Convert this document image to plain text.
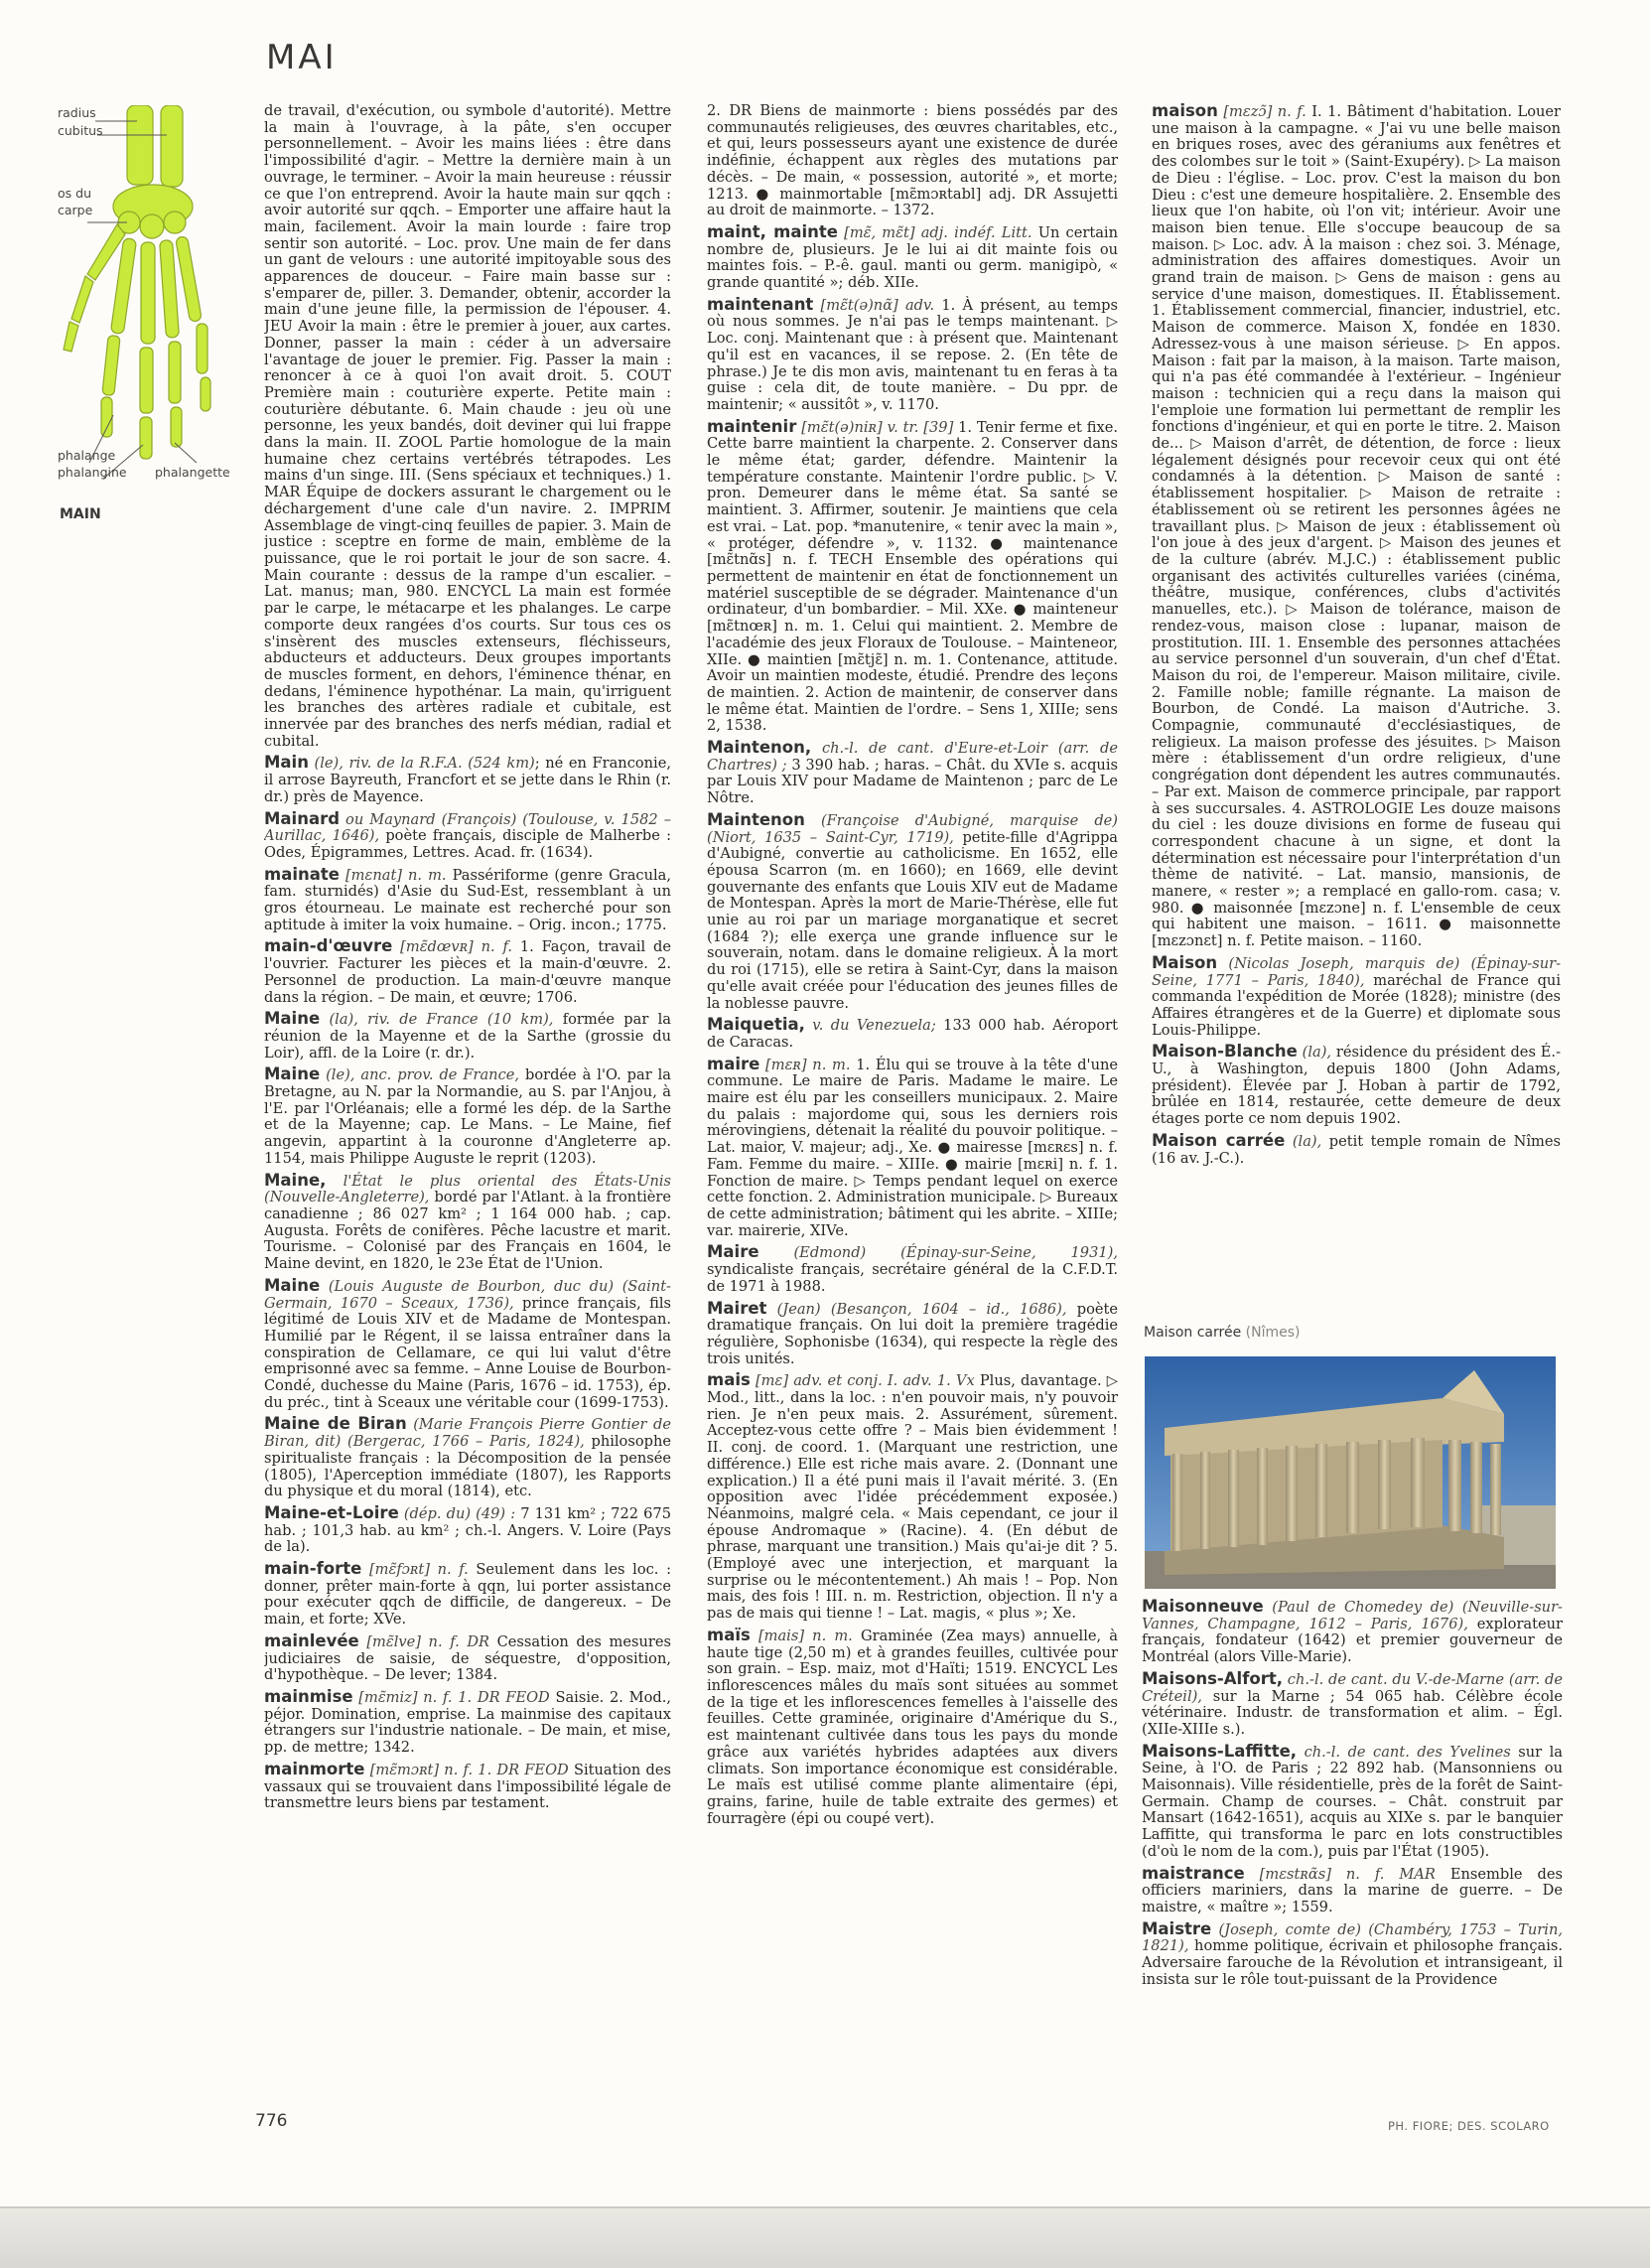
MAI
radius
cubitus
os du carpe
phalange
phalangine phalangette
MAIN

de travail, d'exécution, ou symbole d'autorité). Mettre la main à l'ouvrage, à la pâte, s'en occuper personnellement. – Avoir les mains liées : être dans l'impossibilité d'agir. – Mettre la dernière main à un ouvrage, le terminer. – Avoir la main heureuse : réussir ce que l'on entreprend. Avoir la haute main sur qqch : avoir autorité sur qqch. – Emporter une affaire haut la main, facilement. Avoir la main lourde : faire trop sentir son autorité. – Loc. prov. Une main de fer dans un gant de velours : une autorité impitoyable sous des apparences de douceur. – Faire main basse sur : s'emparer de, piller. 3. Demander, obtenir, accorder la main d'une jeune fille, la permission de l'épouser. 4. JEU Avoir la main : être le premier à jouer, aux cartes. Donner, passer la main : céder à un adversaire l'avantage de jouer le premier. Fig. Passer la main : renoncer à ce à quoi l'on avait droit. 5. COUT Première main : couturière experte. Petite main : couturière débutante. 6. Main chaude : jeu où une personne, les yeux bandés, doit deviner qui lui frappe dans la main. II. ZOOL Partie homologue de la main humaine chez certains vertébrés tétrapodes. Les mains d'un singe. III. (Sens spéciaux et techniques.) 1. MAR Équipe de dockers assurant le chargement ou le déchargement d'une cale d'un navire. 2. IMPRIM Assemblage de vingt-cinq feuilles de papier. 3. Main de justice : sceptre en forme de main, emblème de la puissance, que le roi portait le jour de son sacre. 4. Main courante : dessus de la rampe d'un escalier. – Lat. manus; man, 980. ENCYCL La main est formée par le carpe, le métacarpe et les phalanges. Le carpe comporte deux rangées d'os courts. Sur tous ces os s'insèrent des muscles extenseurs, fléchisseurs, abducteurs et adducteurs. Deux groupes importants de muscles forment, en dehors, l'éminence thénar, en dedans, l'éminence hypothénar. La main, qu'irriguent les branches des artères radiale et cubitale, est innervée par des branches des nerfs médian, radial et cubital.

Main (le), riv. de la R.F.A. (524 km); né en Franconie, il arrose Bayreuth, Francfort et se jette dans le Rhin (r. dr.) près de Mayence.

Mainard ou Maynard (François) (Toulouse, v. 1582 – Aurillac, 1646), poète français, disciple de Malherbe : Odes, Épigrammes, Lettres. Acad. fr. (1634).

mainate [mɛnat] n. m. Passériforme (genre Gracula, fam. sturnidés) d'Asie du Sud-Est, ressemblant à un gros étourneau. Le mainate est recherché pour son aptitude à imiter la voix humaine. – Orig. incon.; 1775.

main-d'œuvre [mɛ̃dœvʀ] n. f. 1. Façon, travail de l'ouvrier. Facturer les pièces et la main-d'œuvre. 2. Personnel de production. La main-d'œuvre manque dans la région. – De main, et œuvre; 1706.

Maine (la), riv. de France (10 km), formée par la réunion de la Mayenne et de la Sarthe (grossie du Loir), affl. de la Loire (r. dr.).

Maine (le), anc. prov. de France, bordée à l'O. par la Bretagne, au N. par la Normandie, au S. par l'Anjou, à l'E. par l'Orléanais; elle a formé les dép. de la Sarthe et de la Mayenne; cap. Le Mans. – Le Maine, fief angevin, appartint à la couronne d'Angleterre ap. 1154, mais Philippe Auguste le reprit (1203).

Maine, l'État le plus oriental des États-Unis (Nouvelle-Angleterre), bordé par l'Atlant. à la frontière canadienne ; 86 027 km² ; 1 164 000 hab. ; cap. Augusta. Forêts de conifères. Pêche lacustre et marit. Tourisme. – Colonisé par des Français en 1604, le Maine devint, en 1820, le 23e État de l'Union.

Maine (Louis Auguste de Bourbon, duc du) (Saint-Germain, 1670 – Sceaux, 1736), prince français, fils légitimé de Louis XIV et de Madame de Montespan. Humilié par le Régent, il se laissa entraîner dans la conspiration de Cellamare, ce qui lui valut d'être emprisonné avec sa femme. – Anne Louise de Bourbon-Condé, duchesse du Maine (Paris, 1676 – id. 1753), ép. du préc., tint à Sceaux une véritable cour (1699-1753).

Maine de Biran (Marie François Pierre Gontier de Biran, dit) (Bergerac, 1766 – Paris, 1824), philosophe spiritualiste français : la Décomposition de la pensée (1805), l'Aperception immédiate (1807), les Rapports du physique et du moral (1814), etc.

Maine-et-Loire (dép. du) (49) : 7 131 km² ; 722 675 hab. ; 101,3 hab. au km² ; ch.-l. Angers. V. Loire (Pays de la).

main-forte [mɛ̃fɔʀt] n. f. Seulement dans les loc. : donner, prêter main-forte à qqn, lui porter assistance pour exécuter qqch de difficile, de dangereux. – De main, et forte; XVe.

mainlevée [mɛ̃lve] n. f. DR Cessation des mesures judiciaires de saisie, de séquestre, d'opposition, d'hypothèque. – De lever; 1384.

mainmise [mɛ̃miz] n. f. 1. DR FEOD Saisie. 2. Mod., péjor. Domination, emprise. La mainmise des capitaux étrangers sur l'industrie nationale. – De main, et mise, pp. de mettre; 1342.

mainmorte [mɛ̃mɔʀt] n. f. 1. DR FEOD Situation des vassaux qui se trouvaient dans l'impossibilité légale de transmettre leurs biens par testament.

2. DR Biens de mainmorte : biens possédés par des communautés religieuses, des œuvres charitables, etc., et qui, leurs possesseurs ayant une existence de durée indéfinie, échappent aux règles des mutations par décès. – De main, « possession, autorité », et morte; 1213. ● mainmortable [mɛ̃mɔʀtabl] adj. DR Assujetti au droit de mainmorte. – 1372.

maint, mainte [mɛ̃, mɛ̃t] adj. indéf. Litt. Un certain nombre de, plusieurs. Je le lui ai dit mainte fois ou maintes fois. – P.-ê. gaul. manti ou germ. manigipò, « grande quantité »; déb. XIIe.

maintenant [mɛ̃t(ə)nɑ̃] adv. 1. À présent, au temps où nous sommes. Je n'ai pas le temps maintenant. ▷ Loc. conj. Maintenant que : à présent que. Maintenant qu'il est en vacances, il se repose. 2. (En tête de phrase.) Je te dis mon avis, maintenant tu en feras à ta guise : cela dit, de toute manière. – Du ppr. de maintenir; « aussitôt », v. 1170.

maintenir [mɛ̃t(ə)niʀ] v. tr. [39] 1. Tenir ferme et fixe. Cette barre maintient la charpente. 2. Conserver dans le même état; garder, défendre. Maintenir la température constante. Maintenir l'ordre public. ▷ V. pron. Demeurer dans le même état. Sa santé se maintient. 3. Affirmer, soutenir. Je maintiens que cela est vrai. – Lat. pop. *manutenire, « tenir avec la main », « protéger, défendre », v. 1132. ● maintenance [mɛ̃tnɑ̃s] n. f. TECH Ensemble des opérations qui permettent de maintenir en état de fonctionnement un matériel susceptible de se dégrader. Maintenance d'un ordinateur, d'un bombardier. – Mil. XXe. ● mainteneur [mɛ̃tnœʀ] n. m. 1. Celui qui maintient. 2. Membre de l'académie des jeux Floraux de Toulouse. – Mainteneor, XIIe. ● maintien [mɛ̃tjɛ̃] n. m. 1. Contenance, attitude. Avoir un maintien modeste, étudié. Prendre des leçons de maintien. 2. Action de maintenir, de conserver dans le même état. Maintien de l'ordre. – Sens 1, XIIIe; sens 2, 1538.

Maintenon, ch.-l. de cant. d'Eure-et-Loir (arr. de Chartres) ; 3 390 hab. ; haras. – Chât. du XVIe s. acquis par Louis XIV pour Madame de Maintenon ; parc de Le Nôtre.

Maintenon (Françoise d'Aubigné, marquise de) (Niort, 1635 – Saint-Cyr, 1719), petite-fille d'Agrippa d'Aubigné, convertie au catholicisme. En 1652, elle épousa Scarron (m. en 1660); en 1669, elle devint gouvernante des enfants que Louis XIV eut de Madame de Montespan. Après la mort de Marie-Thérèse, elle fut unie au roi par un mariage morganatique et secret (1684 ?); elle exerça une grande influence sur le souverain, notam. dans le domaine religieux. À la mort du roi (1715), elle se retira à Saint-Cyr, dans la maison qu'elle avait créée pour l'éducation des jeunes filles de la noblesse pauvre.

Maiquetia, v. du Venezuela; 133 000 hab. Aéroport de Caracas.

maire [mɛʀ] n. m. 1. Élu qui se trouve à la tête d'une commune. Le maire de Paris. Madame le maire. Le maire est élu par les conseillers municipaux. 2. Maire du palais : majordome qui, sous les derniers rois mérovingiens, détenait la réalité du pouvoir politique. – Lat. maior, V. majeur; adj., Xe. ● mairesse [mɛʀɛs] n. f. Fam. Femme du maire. – XIIIe. ● mairie [mɛʀi] n. f. 1. Fonction de maire. ▷ Temps pendant lequel on exerce cette fonction. 2. Administration municipale. ▷ Bureaux de cette administration; bâtiment qui les abrite. – XIIIe; var. mairerie, XIVe.

Maire (Edmond) (Épinay-sur-Seine, 1931), syndicaliste français, secrétaire général de la C.F.D.T. de 1971 à 1988.

Mairet (Jean) (Besançon, 1604 – id., 1686), poète dramatique français. On lui doit la première tragédie régulière, Sophonisbe (1634), qui respecte la règle des trois unités.

mais [mɛ] adv. et conj. I. adv. 1. Vx Plus, davantage. ▷ Mod., litt., dans la loc. : n'en pouvoir mais, n'y pouvoir rien. Je n'en peux mais. 2. Assurément, sûrement. Acceptez-vous cette offre ? – Mais bien évidemment ! II. conj. de coord. 1. (Marquant une restriction, une différence.) Elle est riche mais avare. 2. (Donnant une explication.) Il a été puni mais il l'avait mérité. 3. (En opposition avec l'idée précédemment exposée.) Néanmoins, malgré cela. « Mais cependant, ce jour il épouse Andromaque » (Racine). 4. (En début de phrase, marquant une transition.) Mais qu'ai-je dit ? 5. (Employé avec une interjection, et marquant la surprise ou le mécontentement.) Ah mais ! – Pop. Non mais, des fois ! III. n. m. Restriction, objection. Il n'y a pas de mais qui tienne ! – Lat. magis, « plus »; Xe.

maïs [mais] n. m. Graminée (Zea mays) annuelle, à haute tige (2,50 m) et à grandes feuilles, cultivée pour son grain. – Esp. maiz, mot d'Haïti; 1519. ENCYCL Les inflorescences mâles du maïs sont situées au sommet de la tige et les inflorescences femelles à l'aisselle des feuilles. Cette graminée, originaire d'Amérique du S., est maintenant cultivée dans tous les pays du monde grâce aux variétés hybrides adaptées aux divers climats. Son importance économique est considérable. Le maïs est utilisé comme plante alimentaire (épi, grains, farine, huile de table extraite des germes) et fourragère (épi ou coupé vert).

maison [mɛzɔ̃] n. f. I. 1. Bâtiment d'habitation. Louer une maison à la campagne. « J'ai vu une belle maison en briques roses, avec des géraniums aux fenêtres et des colombes sur le toit » (Saint-Exupéry). ▷ La maison de Dieu : l'église. – Loc. prov. C'est la maison du bon Dieu : c'est une demeure hospitalière. 2. Ensemble des lieux que l'on habite, où l'on vit; intérieur. Avoir une maison bien tenue. Elle s'occupe beaucoup de sa maison. ▷ Loc. adv. À la maison : chez soi. 3. Ménage, administration des affaires domestiques. Avoir un grand train de maison. ▷ Gens de maison : gens au service d'une maison, domestiques. II. Établissement. 1. Établissement commercial, financier, industriel, etc. Maison de commerce. Maison X, fondée en 1830. Adressez-vous à une maison sérieuse. ▷ En appos. Maison : fait par la maison, à la maison. Tarte maison, qui n'a pas été commandée à l'extérieur. – Ingénieur maison : technicien qui a reçu dans la maison qui l'emploie une formation lui permettant de remplir les fonctions d'ingénieur, et qui en porte le titre. 2. Maison de... ▷ Maison d'arrêt, de détention, de force : lieux légalement désignés pour recevoir ceux qui ont été condamnés à la détention. ▷ Maison de santé : établissement hospitalier. ▷ Maison de retraite : établissement où se retirent les personnes âgées ne travaillant plus. ▷ Maison de jeux : établissement où l'on joue à des jeux d'argent. ▷ Maison des jeunes et de la culture (abrév. M.J.C.) : établissement public organisant des activités culturelles variées (cinéma, théâtre, musique, conférences, clubs d'activités manuelles, etc.). ▷ Maison de tolérance, maison de rendez-vous, maison close : lupanar, maison de prostitution. III. 1. Ensemble des personnes attachées au service personnel d'un souverain, d'un chef d'État. Maison du roi, de l'empereur. Maison militaire, civile. 2. Famille noble; famille régnante. La maison de Bourbon, de Condé. La maison d'Autriche. 3. Compagnie, communauté d'ecclésiastiques, de religieux. La maison professe des jésuites. ▷ Maison mère : établissement d'un ordre religieux, d'une congrégation dont dépendent les autres communautés. – Par ext. Maison de commerce principale, par rapport à ses succursales. 4. ASTROLOGIE Les douze maisons du ciel : les douze divisions en forme de fuseau qui correspondent chacune à un signe, et dont la détermination est nécessaire pour l'interprétation d'un thème de nativité. – Lat. mansio, mansionis, de manere, « rester »; a remplacé en gallo-rom. casa; v. 980. ● maisonnée [mɛzɔne] n. f. L'ensemble de ceux qui habitent une maison. – 1611. ● maisonnette [mɛzɔnɛt] n. f. Petite maison. – 1160.

Maison (Nicolas Joseph, marquis de) (Épinay-sur-Seine, 1771 – Paris, 1840), maréchal de France qui commanda l'expédition de Morée (1828); ministre (des Affaires étrangères et de la Guerre) et diplomate sous Louis-Philippe.

Maison-Blanche (la), résidence du président des É.-U., à Washington, depuis 1800 (John Adams, président). Élevée par J. Hoban à partir de 1792, brûlée en 1814, restaurée, cette demeure de deux étages porte ce nom depuis 1902.

Maison carrée (la), petit temple romain de Nîmes (16 av. J.-C.).

Maisonneuve (Paul de Chomedey de) (Neuville-sur-Vannes, Champagne, 1612 – Paris, 1676), explorateur français, fondateur (1642) et premier gouverneur de Montréal (alors Ville-Marie).

Maisons-Alfort, ch.-l. de cant. du V.-de-Marne (arr. de Créteil), sur la Marne ; 54 065 hab. Célèbre école vétérinaire. Industr. de transformation et alim. – Égl. (XIIe-XIIIe s.).

Maisons-Laffitte, ch.-l. de cant. des Yvelines sur la Seine, à l'O. de Paris ; 22 892 hab. (Mansonniens ou Maisonnais). Ville résidentielle, près de la forêt de Saint-Germain. Champ de courses. – Chât. construit par Mansart (1642-1651), acquis au XIXe s. par le banquier Laffitte, qui transforma le parc en lots constructibles (d'où le nom de la com.), puis par l'État (1905).

maistrance [mɛstʀɑ̃s] n. f. MAR Ensemble des officiers mariniers, dans la marine de guerre. – De maistre, « maître »; 1559.

Maistre (Joseph, comte de) (Chambéry, 1753 – Turin, 1821), homme politique, écrivain et philosophe français. Adversaire farouche de la Révolution et intransigeant, il insista sur le rôle tout-puissant de la Providence

Maison carrée (Nîmes)
776	PH. FIORE; DES. SCOLARO
